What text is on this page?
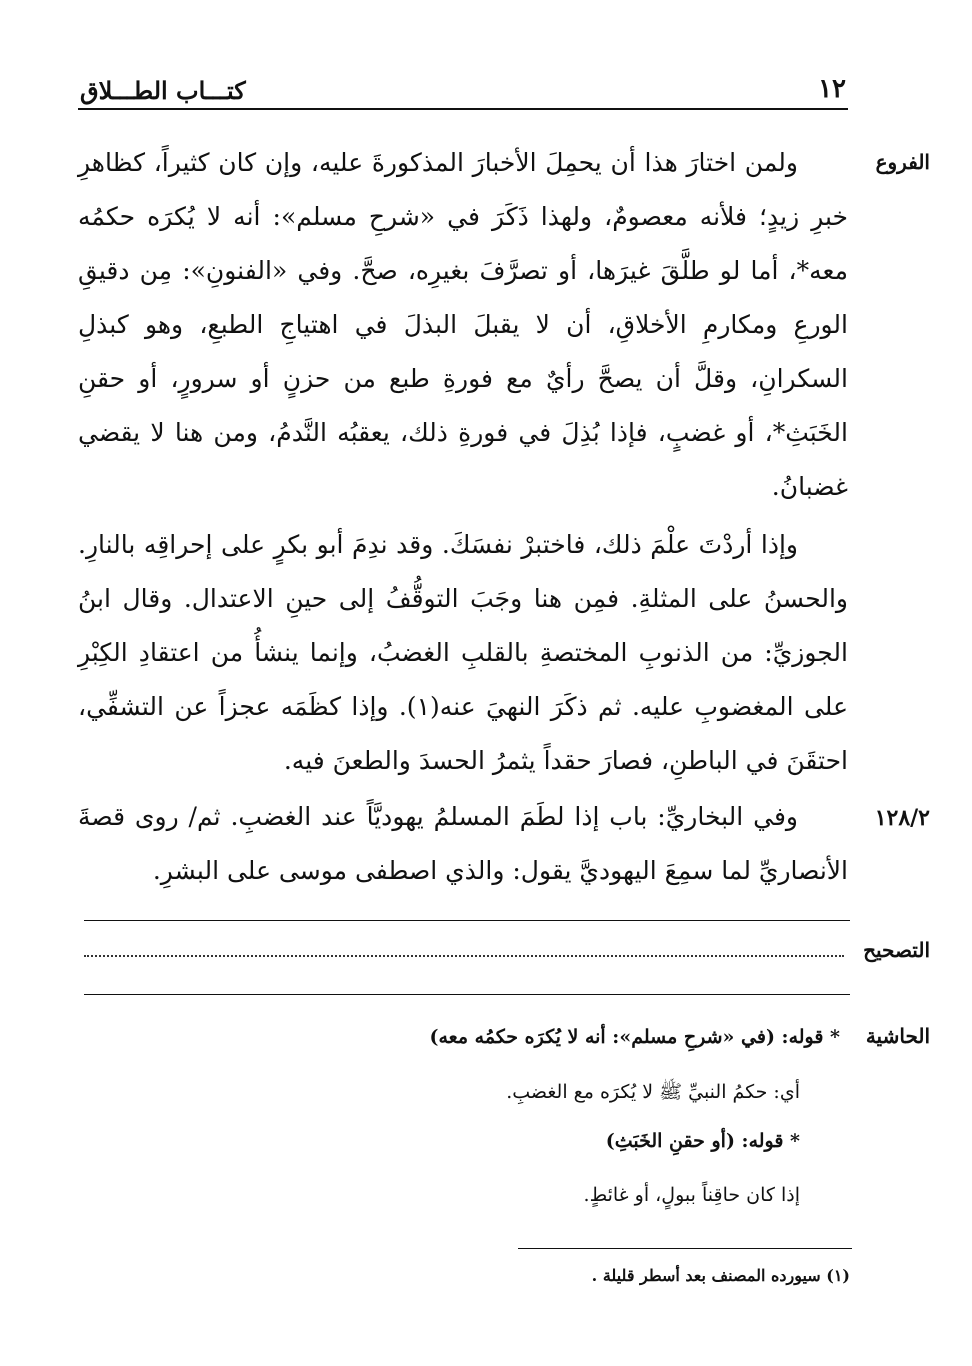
١٢
كتـــاب الطـــلاق
الفروع

ولمن اختارَ هذا أن يحمِلَ الأخبارَ المذكورةَ عليه، وإن كان كثيراً، كظاهرِ خبرِ زيدٍ؛ فلأنه معصومٌ، ولهذا ذَكَرَ في «شرحِ مسلم»: أنه لا يُكرَه حكمُه معه*، أما لو طلَّقَ غيرَها، أو تصرَّفَ بغيرِه، صحَّ. وفي «الفنونِ»: مِن دقيقِ الورعِ ومكارمِ الأخلاقِ، أن لا يقبلَ البذلَ في اهتياجِ الطبعِ، وهو كبذلِ السكرانِ، وقلَّ أن يصحَّ رأيٌ مع فورةِ طبع من حزنٍ أو سرورٍ، أو حقنِ الخَبَثِ*، أو غضبٍ، فإذا بُذِلَ في فورةِ ذلك، يعقبُه النَّدمُ، ومن هنا لا يقضي غضبانُ.

وإذا أردْتَ علْمَ ذلك، فاختبرْ نفسَكَ. وقد ندِمَ أبو بكرٍ على إحراقِه بالنارِ. والحسنُ على المثلةِ. فمِن هنا وجَبَ التوقُّفُ إلى حينِ الاعتدال. وقال ابنُ الجوزيِّ: من الذنوبِ المختصةِ بالقلبِ الغضبُ، وإنما ينشأُ من اعتقادِ الكِبْرِ على المغضوبِ عليه. ثم ذكَرَ النهيَ عنه(١). وإذا كظَمَه عجزاً عن التشفِّي، احتقَنَ في الباطنِ، فصارَ حقداً يثمرُ الحسدَ والطعنَ فيه.

١٢٨/٢

وفي البخاريِّ: باب إذا لطَمَ المسلمُ يهوديَّاً عند الغضبِ. ثم/ روى قصةَ الأنصاريِّ لما سمِعَ اليهوديَّ يقول: والذي اصطفى موسى على البشرِ.

التصحيح
الحاشية
* قوله: (في «شرحِ مسلم»: أنه لا يُكرَه حكمُه معه)
أي: حكمُ النبيِّ ﷺ لا يُكرَه مع الغضبِ.
* قوله: (أو حقنِ الخَبَثِ)
إذا كان حاقِناً ببولٍ، أو غائطٍ.
(١) سيورده المصنف بعد أسطر قليلة .
